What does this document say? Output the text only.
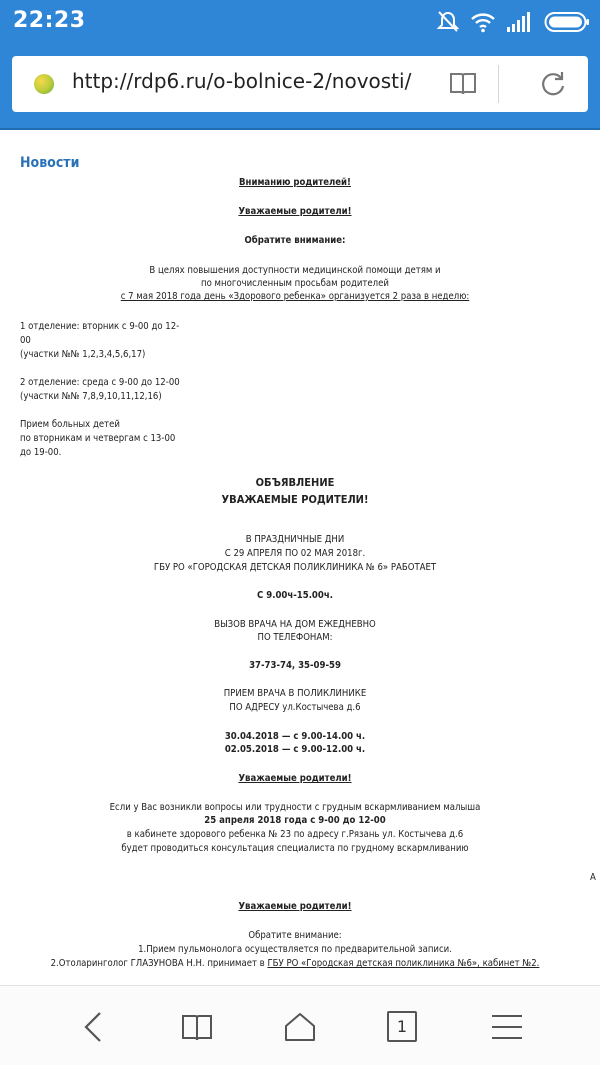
22:23
http://rdp6.ru/o-bolnice-2/novosti/
Новости
Вниманию родителей!
Уважаемые родители!
Обратите внимание:
В целях повышения доступности медицинской помощи детям и
по многочисленным просьбам родителей
с 7 мая 2018 года день «Здорового ребенка» организуется 2 раза в неделю:
1 отделение: вторник с 9-00 до 12-
00
(участки №№ 1,2,3,4,5,6,17)
2 отделение: среда с 9-00 до 12-00
(участки №№ 7,8,9,10,11,12,16)
Прием больных детей
по вторникам и четвергам с 13-00
до 19-00.
ОБЪЯВЛЕНИЕ
УВАЖАЕМЫЕ РОДИТЕЛИ!
В ПРАЗДНИЧНЫЕ ДНИ
С 29 АПРЕЛЯ ПО 02 МАЯ 2018г.
ГБУ РО «ГОРОДСКАЯ ДЕТСКАЯ ПОЛИКЛИНИКА № 6» РАБОТАЕТ
С 9.00ч-15.00ч.
ВЫЗОВ ВРАЧА НА ДОМ ЕЖЕДНЕВНО
ПО ТЕЛЕФОНАМ:
37-73-74, 35-09-59
ПРИЕМ ВРАЧА В ПОЛИКЛИНИКЕ
ПО АДРЕСУ ул.Костычева д.6
30.04.2018 — с 9.00-14.00 ч.
02.05.2018 — с 9.00-12.00 ч.
Уважаемые родители!
Если у Вас возникли вопросы или трудности с грудным вскармливанием малыша
25 апреля 2018 года с 9-00 до 12-00
в кабинете здорового ребенка № 23 по адресу г.Рязань ул. Костычева д.6
будет проводиться консультация специалиста по грудному вскармливанию
А
Уважаемые родители!
Обратите внимание:
1.Прием пульмонолога осуществляется по предварительной записи.
2.Отоларинголог ГЛАЗУНОВА Н.Н. принимает в ГБУ РО «Городская детская поликлиника №6», кабинет №2.
1
